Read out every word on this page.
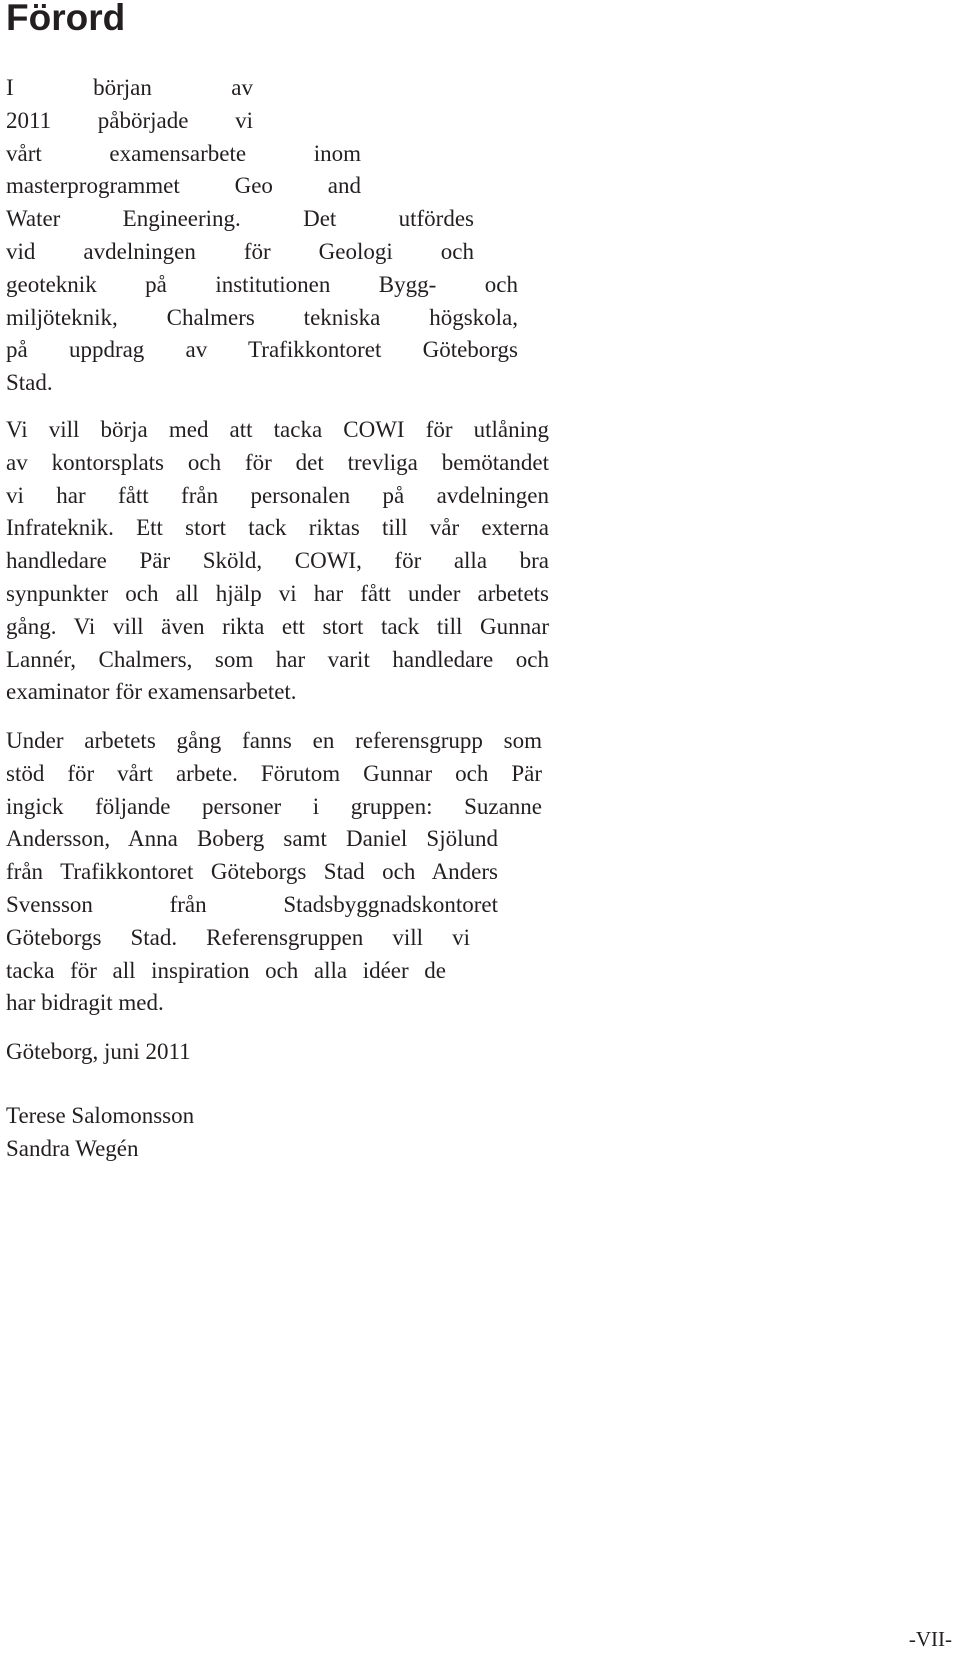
Förord
I början av
2011 påbörjade vi
vårt examensarbete inom
masterprogrammet Geo and
Water Engineering. Det utfördes
vid avdelningen för Geologi och
geoteknik på institutionen Bygg- och
miljöteknik, Chalmers tekniska högskola,
på uppdrag av Trafikkontoret Göteborgs
Stad.
Vi vill börja med att tacka COWI för utlåning
av kontorsplats och för det trevliga bemötandet
vi har fått från personalen på avdelningen
Infrateknik. Ett stort tack riktas till vår externa
handledare Pär Sköld, COWI, för alla bra
synpunkter och all hjälp vi har fått under arbetets
gång. Vi vill även rikta ett stort tack till Gunnar
Lannér, Chalmers, som har varit handledare och
examinator för examensarbetet.
Under arbetets gång fanns en referensgrupp som
stöd för vårt arbete. Förutom Gunnar och Pär
ingick följande personer i gruppen: Suzanne
Andersson, Anna Boberg samt Daniel Sjölund
från Trafikkontoret Göteborgs Stad och Anders
Svensson från Stadsbyggnadskontoret
Göteborgs Stad. Referensgruppen vill vi
tacka för all inspiration och alla idéer de
har bidragit med.
Göteborg, juni 2011
Terese Salomonsson
Sandra Wegén
-VII-
